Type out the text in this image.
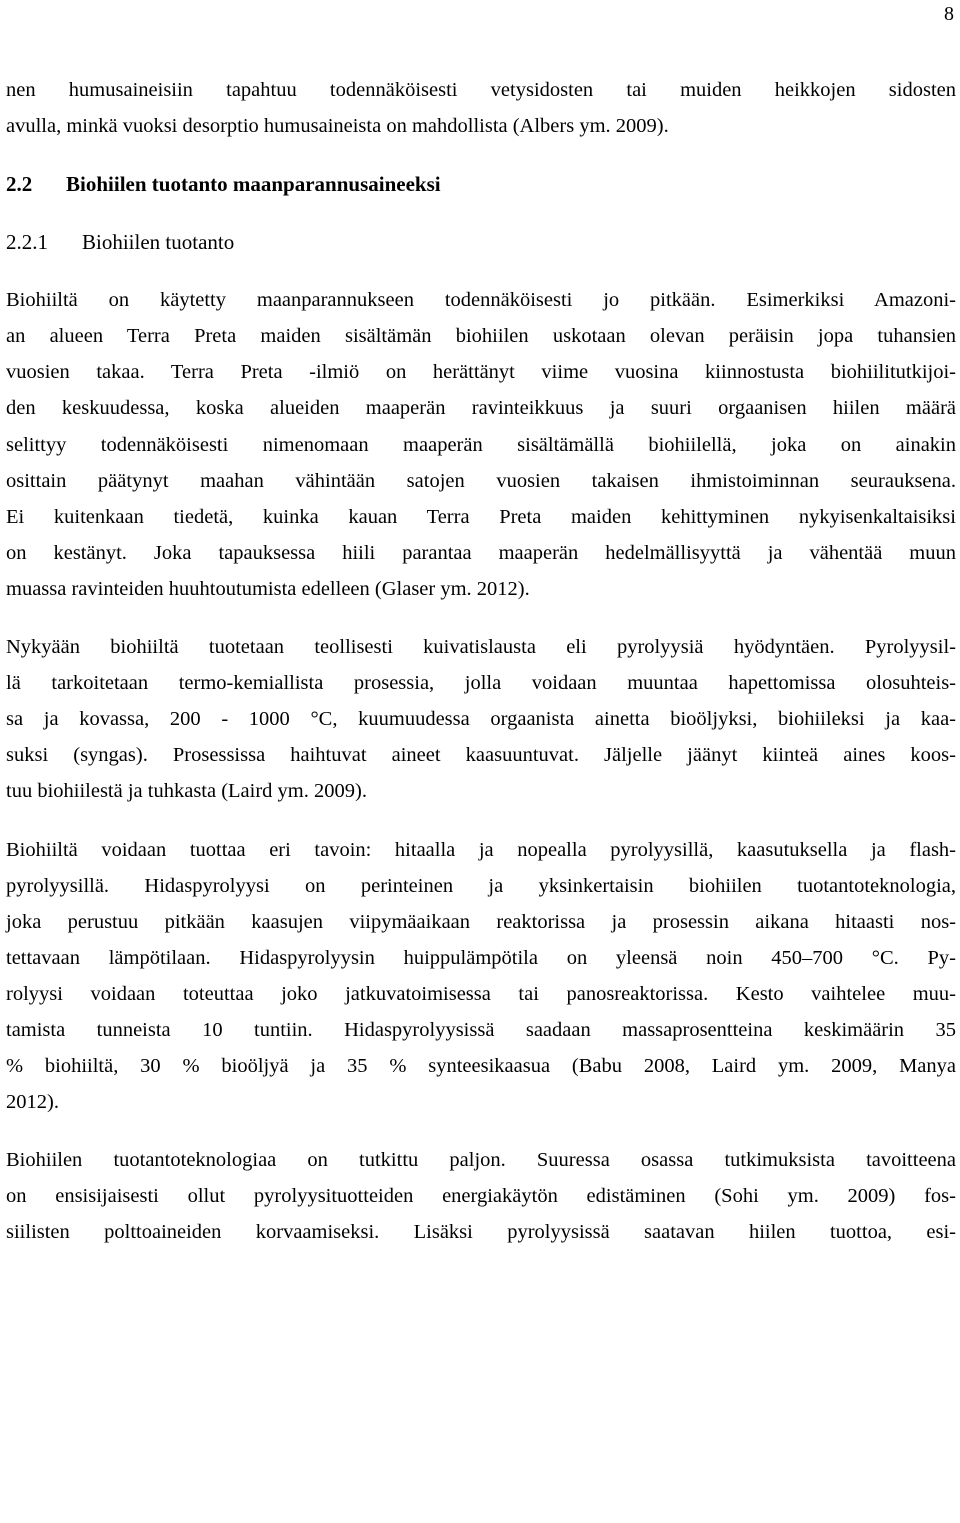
8
nen humusaineisiin tapahtuu todennäköisesti vetysidosten tai muiden heikkojen sidosten
avulla, minkä vuoksi desorptio humusaineista on mahdollista (Albers ym. 2009).
2.2 Biohiilen tuotanto maanparannusaineeksi
2.2.1 Biohiilen tuotanto
Biohiiltä on käytetty maanparannukseen todennäköisesti jo pitkään. Esimerkiksi Amazoni-
an alueen Terra Preta maiden sisältämän biohiilen uskotaan olevan peräisin jopa tuhansien
vuosien takaa. Terra Preta -ilmiö on herättänyt viime vuosina kiinnostusta biohiilitutkijoi-
den keskuudessa, koska alueiden maaperän ravinteikkuus ja suuri orgaanisen hiilen määrä
selittyy todennäköisesti nimenomaan maaperän sisältämällä biohiilellä, joka on ainakin
osittain päätynyt maahan vähintään satojen vuosien takaisen ihmistoiminnan seurauksena.
Ei kuitenkaan tiedetä, kuinka kauan Terra Preta maiden kehittyminen nykyisenkaltaisiksi
on kestänyt. Joka tapauksessa hiili parantaa maaperän hedelmällisyyttä ja vähentää muun
muassa ravinteiden huuhtoutumista edelleen (Glaser ym. 2012).
Nykyään biohiiltä tuotetaan teollisesti kuivatislausta eli pyrolyysiä hyödyntäen. Pyrolyysil-
lä tarkoitetaan termo-kemiallista prosessia, jolla voidaan muuntaa hapettomissa olosuhteis-
sa ja kovassa, 200 - 1000 °C, kuumuudessa orgaanista ainetta bioöljyksi, biohiileksi ja kaa-
suksi (syngas). Prosessissa haihtuvat aineet kaasuuntuvat. Jäljelle jäänyt kiinteä aines koos-
tuu biohiilestä ja tuhkasta (Laird ym. 2009).
Biohiiltä voidaan tuottaa eri tavoin: hitaalla ja nopealla pyrolyysillä, kaasutuksella ja flash-
pyrolyysillä. Hidaspyrolyysi on perinteinen ja yksinkertaisin biohiilen tuotantoteknologia,
joka perustuu pitkään kaasujen viipymäaikaan reaktorissa ja prosessin aikana hitaasti nos-
tettavaan lämpötilaan. Hidaspyrolyysin huippulämpötila on yleensä noin 450–700 °C. Py-
rolyysi voidaan toteuttaa joko jatkuvatoimisessa tai panosreaktorissa. Kesto vaihtelee muu-
tamista tunneista 10 tuntiin. Hidaspyrolyysissä saadaan massaprosentteina keskimäärin 35
% biohiiltä, 30 % bioöljyä ja 35 % synteesikaasua (Babu 2008, Laird ym. 2009, Manya
2012).
Biohiilen tuotantoteknologiaa on tutkittu paljon. Suuressa osassa tutkimuksista tavoitteena
on ensisijaisesti ollut pyrolyysituotteiden energiakäytön edistäminen (Sohi ym. 2009) fos-
siilisten polttoaineiden korvaamiseksi. Lisäksi pyrolyysissä saatavan hiilen tuottoa, esi-
